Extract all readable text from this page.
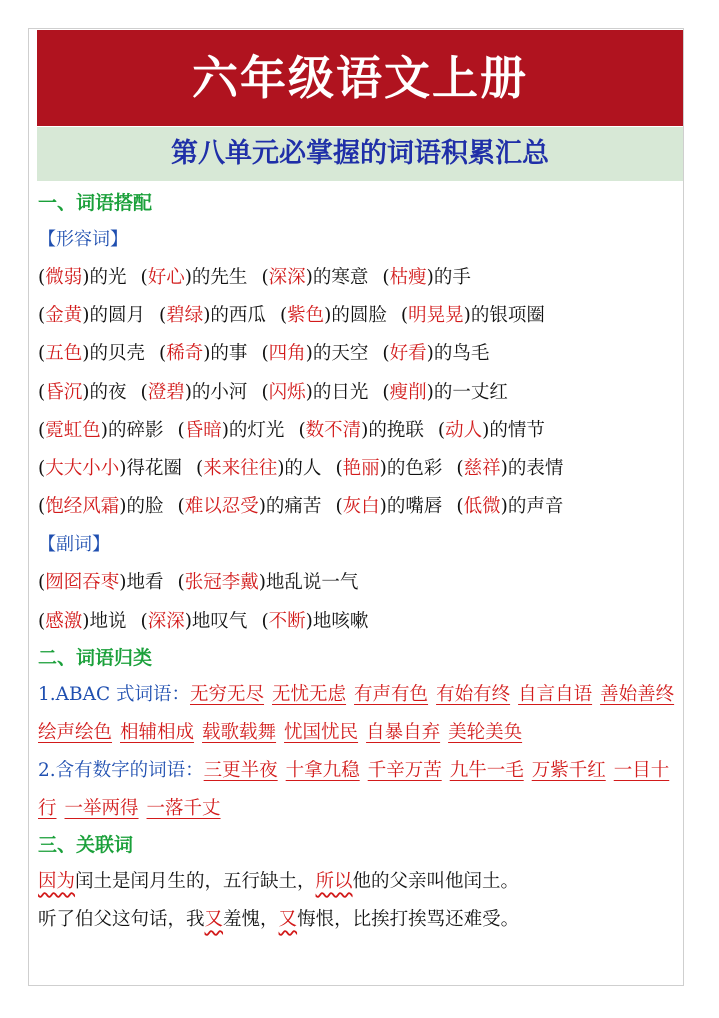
六年级语文上册
第八单元必掌握的词语积累汇总
一、词语搭配
【形容词】
(微弱)的光 (好心)的先生 (深深)的寒意 (枯瘦)的手
(金黄)的圆月 (碧绿)的西瓜 (紫色)的圆脸 (明晃晃)的银项圈
(五色)的贝壳 (稀奇)的事 (四角)的天空 (好看)的鸟毛
(昏沉)的夜 (澄碧)的小河 (闪烁)的日光 (瘦削)的一丈红
(霓虹色)的碎影 (昏暗)的灯光 (数不清)的挽联 (动人)的情节
(大大小小)得花圈 (来来往往)的人 (艳丽)的色彩 (慈祥)的表情
(饱经风霜)的脸 (难以忍受)的痛苦 (灰白)的嘴唇 (低微)的声音
【副词】
(囫囵吞枣)地看 (张冠李戴)地乱说一气
(感激)地说 (深深)地叹气 (不断)地咳嗽
二、词语归类
1.ABAC 式词语：无穷无尽 无忧无虑 有声有色 有始有终 自言自语 善始善终绘声绘色 相辅相成 载歌载舞 忧国忧民 自暴自弃 美轮美奂
2.含有数字的词语：三更半夜 十拿九稳 千辛万苦 九牛一毛 万紫千红 一目十行 一举两得 一落千丈
三、关联词
因为闰土是闰月生的，五行缺土，所以他的父亲叫他闰土。
听了伯父这句话，我又羞愧，又悔恨，比挨打挨骂还难受。
